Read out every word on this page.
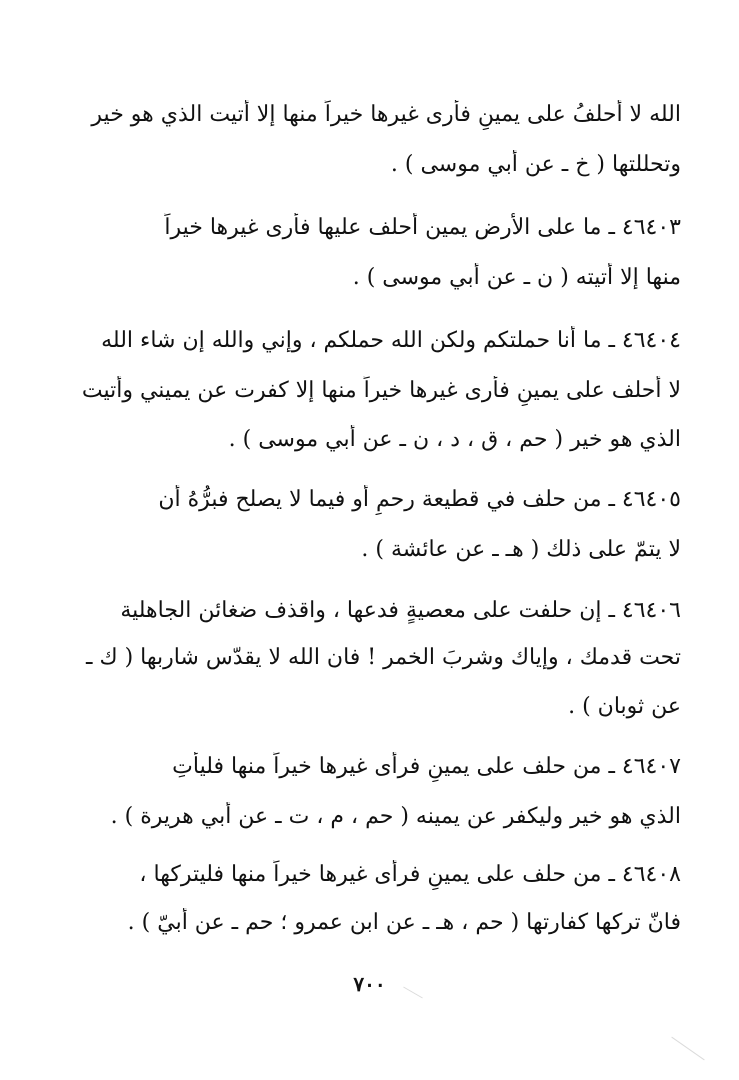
الله لا أحلفُ على يمينٍ فأرى غيرها خيراً منها إلا أتيت الذي هو خير
وتحللتها ( خ ـ عن أبي موسى ) .
٤٦٤٠٣ ـ ما على الأرض يمين أحلف عليها فأرى غيرها خيراً
منها إلا أتيته ( ن ـ عن أبي موسى ) .
٤٦٤٠٤ ـ ما أنا حملتكم ولكن الله حملكم ، وإني والله إن شاء الله
لا أحلف على يمينٍ فأرى غيرها خيراً منها إلا كفرت عن يميني وأتيت
الذي هو خير ( حم ، ق ، د ، ن ـ عن أبي موسى ) .
٤٦٤٠٥ ـ من حلف في قطيعة رحمٍ أو فيما لا يصلح فبرُّهُ أن
لا يتمّ على ذلك ( هـ ـ عن عائشة ) .
٤٦٤٠٦ ـ إن حلفت على معصيةٍ فدعها ، واقذف ضغائن الجاهلية
تحت قدمك ، وإياك وشربَ الخمر ! فان الله لا يقدّس شاربها ( ك ـ
عن ثوبان ) .
٤٦٤٠٧ ـ من حلف على يمينٍ فرأى غيرها خيراً منها فليأتِ
الذي هو خير وليكفر عن يمينه ( حم ، م ، ت ـ عن أبي هريرة ) .
٤٦٤٠٨ ـ من حلف على يمينٍ فرأى غيرها خيراً منها فليتركها ،
فانّ تركها كفارتها ( حم ، هـ ـ عن ابن عمرو ؛ حم ـ عن أبيّ ) .
٧٠٠
